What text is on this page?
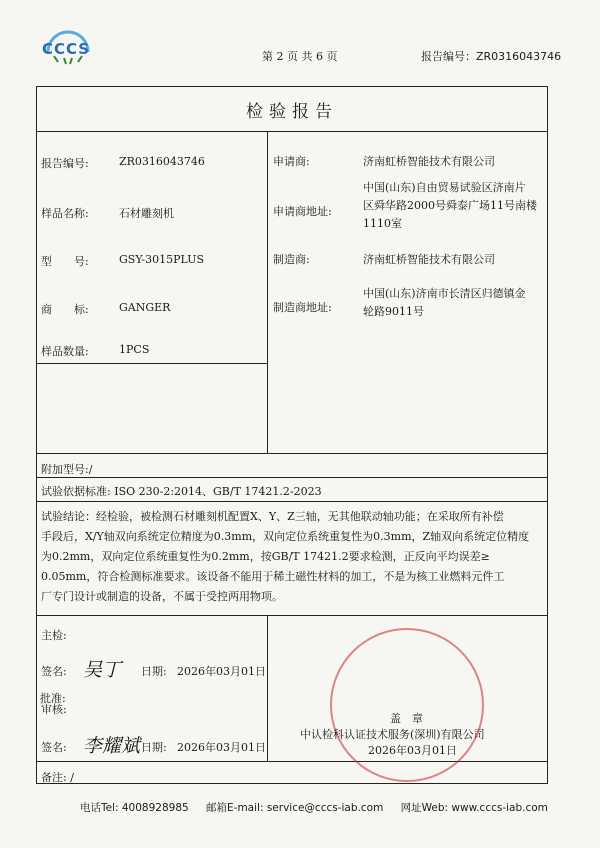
CCCS	第 2 页 共 6 页	报告编号：ZR0316043746
检验报告
报告编号:	ZR0316043746
样品名称:	石材雕刻机
型　　号:	GSY-3015PLUS
商　　标:	GANGER
样品数量:	1PCS
申请商:	济南虹桥智能技术有限公司
申请商地址:
中国(山东)自由贸易试验区济南片
区舜华路2000号舜泰广场11号南楼
1110室
制造商:	济南虹桥智能技术有限公司
制造商地址:
中国(山东)济南市长清区归德镇金
轮路9011号
附加型号:/
试验依据标准: ISO 230-2:2014、GB/T 17421.2-2023
试验结论：经检验，被检测石材雕刻机配置X、Y、Z三轴，无其他联动轴功能；在采取所有补偿
手段后，X/Y轴双向系统定位精度为0.3mm，双向定位系统重复性为0.3mm，Z轴双向系统定位精度
为0.2mm，双向定位系统重复性为0.2mm，按GB/T 17421.2要求检测，正反向平均误差≥
0.05mm，符合检测标准要求。该设备不能用于稀土磁性材料的加工，不是为核工业燃料元件工
厂专门设计或制造的设备，不属于受控两用物项。
主检:
签名: 吴丁 日期: 2026年03月01日
审核:
签名: 李耀斌 日期: 2026年03月01日
备注: /
批准:
盖　章
中认检科认证技术服务(深圳)有限公司
2026年03月01日
电话Tel: 4008928985 邮箱E-mail: service@cccs-iab.com 网址Web: www.cccs-iab.com
